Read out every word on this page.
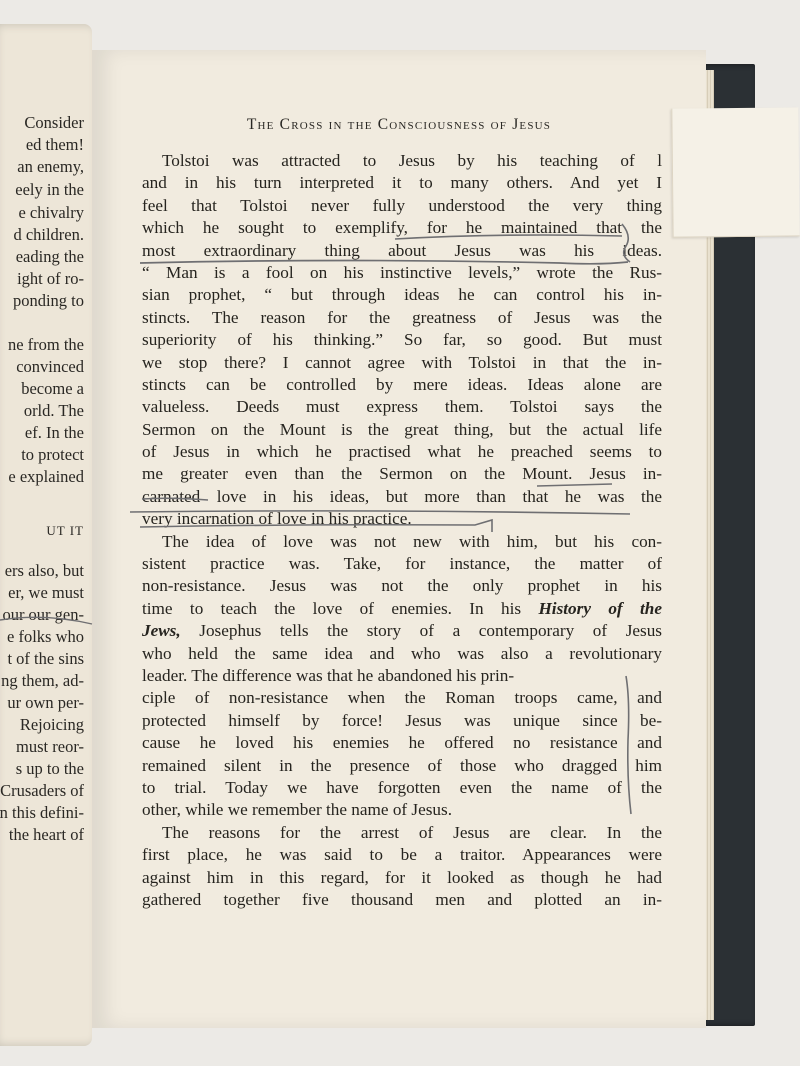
Consider
ed them!
an enemy,
eely in the
e chivalry
d children.
eading the
ight of ro-
ponding to
ne from the
convinced
become a
orld. The
ef. In the
to protect
e explained
UT IT
ers also, but
er, we must
our our gen-
e folks who
t of the sins
ng them, ad-
ur own per-
Rejoicing
must reor-
s up to the
Crusaders of
n this defini-
the heart of
The Cross in the Consciousness of Jesus
Tolstoi was attracted to Jesus by his teaching of l
and in his turn interpreted it to many others. And yet I
feel that Tolstoi never fully understood the very thing
which he sought to exemplify, for he maintained that the
most extraordinary thing about Jesus was his ideas.
“ Man is a fool on his instinctive levels,” wrote the Rus-
sian prophet, “ but through ideas he can control his in-
stincts. The reason for the greatness of Jesus was the
superiority of his thinking.” So far, so good. But must
we stop there? I cannot agree with Tolstoi in that the in-
stincts can be controlled by mere ideas. Ideas alone are
valueless. Deeds must express them. Tolstoi says the
Sermon on the Mount is the great thing, but the actual life
of Jesus in which he practised what he preached seems to
me greater even than the Sermon on the Mount. Jesus in-
carnated love in his ideas, but more than that he was the
very incarnation of love in his practice.
The idea of love was not new with him, but his con-
sistent practice was. Take, for instance, the matter of
non-resistance. Jesus was not the only prophet in his
time to teach the love of enemies. In his History of the
Jews, Josephus tells the story of a contemporary of Jesus
who held the same idea and who was also a revolutionary
leader. The difference was that he abandoned his prin-
ciple of non-resistance when the Roman troops came, and
protected himself by force! Jesus was unique since be-
cause he loved his enemies he offered no resistance and
remained silent in the presence of those who dragged him
to trial. Today we have forgotten even the name of the
other, while we remember the name of Jesus.
The reasons for the arrest of Jesus are clear. In the
first place, he was said to be a traitor. Appearances were
against him in this regard, for it looked as though he had
gathered together five thousand men and plotted an in-
